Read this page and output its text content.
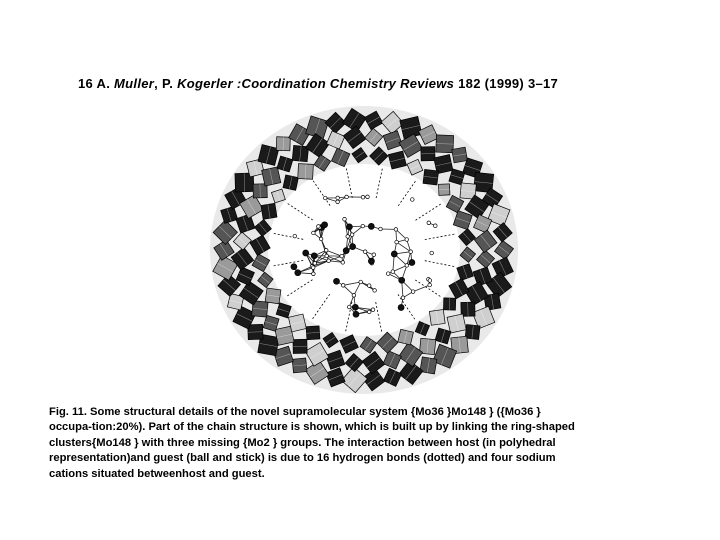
16 A. Muller, P. Kogerler :Coordination Chemistry Reviews 182 (1999) 3–17
Fig. 11. Some structural details of the novel supramolecular system {Mo36 }Mo148 } ({Mo36 }
occupa-tion:20%). Part of the chain structure is shown, which is built up by linking the ring-shaped
clusters{Mo148 } with three missing {Mo2 } groups. The interaction between host (in polyhedral
representation)and guest (ball and stick) is due to 16 hydrogen bonds (dotted) and four sodium
cations situated betweenhost and guest.
